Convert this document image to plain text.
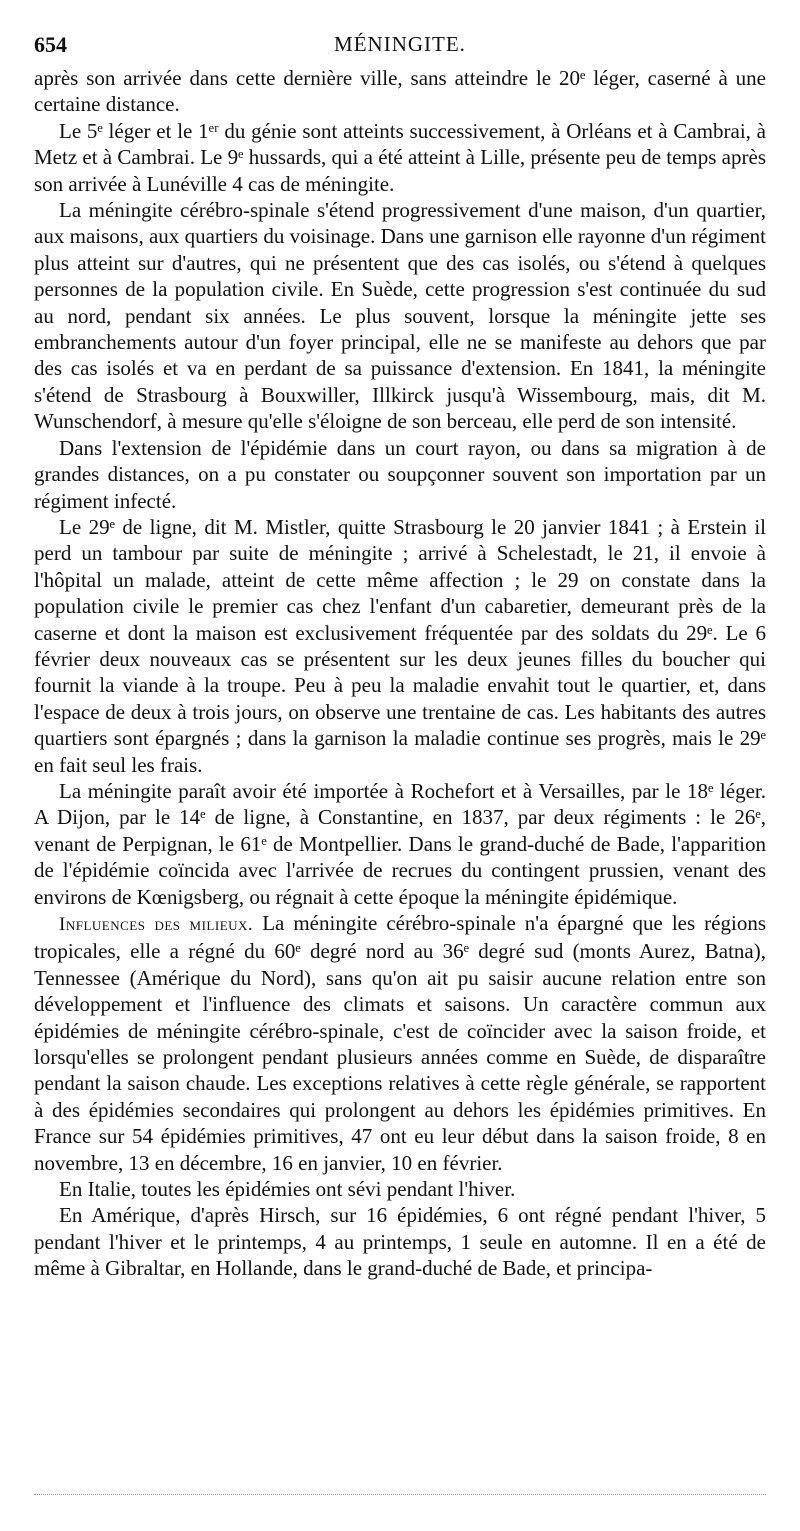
654	MÉNINGITE.

après son arrivée dans cette dernière ville, sans atteindre le 20ᵉ léger, caserné à une certaine distance.

Le 5ᵉ léger et le 1ᵉʳ du génie sont atteints successivement, à Orléans et à Cambrai, à Metz et à Cambrai. Le 9ᵉ hussards, qui a été atteint à Lille, présente peu de temps après son arrivée à Lunéville 4 cas de méningite.

La méningite cérébro-spinale s'étend progressivement d'une maison, d'un quartier, aux maisons, aux quartiers du voisinage. Dans une garnison elle rayonne d'un régiment plus atteint sur d'autres, qui ne présentent que des cas isolés, ou s'étend à quelques personnes de la population civile. En Suède, cette progression s'est continuée du sud au nord, pendant six années. Le plus souvent, lorsque la méningite jette ses embranchements autour d'un foyer principal, elle ne se manifeste au dehors que par des cas isolés et va en perdant de sa puissance d'extension. En 1841, la méningite s'étend de Strasbourg à Bouxwiller, Illkirck jusqu'à Wissembourg, mais, dit M. Wunschendorf, à mesure qu'elle s'éloigne de son berceau, elle perd de son intensité.

Dans l'extension de l'épidémie dans un court rayon, ou dans sa migration à de grandes distances, on a pu constater ou soupçonner souvent son importation par un régiment infecté.

Le 29ᵉ de ligne, dit M. Mistler, quitte Strasbourg le 20 janvier 1841 ; à Erstein il perd un tambour par suite de méningite ; arrivé à Schelestadt, le 21, il envoie à l'hôpital un malade, atteint de cette même affection ; le 29 on constate dans la population civile le premier cas chez l'enfant d'un cabaretier, demeurant près de la caserne et dont la maison est exclusivement fréquentée par des soldats du 29ᵉ. Le 6 février deux nouveaux cas se présentent sur les deux jeunes filles du boucher qui fournit la viande à la troupe. Peu à peu la maladie envahit tout le quartier, et, dans l'espace de deux à trois jours, on observe une trentaine de cas. Les habitants des autres quartiers sont épargnés ; dans la garnison la maladie continue ses progrès, mais le 29ᵉ en fait seul les frais.

La méningite paraît avoir été importée à Rochefort et à Versailles, par le 18ᵉ léger. A Dijon, par le 14ᵉ de ligne, à Constantine, en 1837, par deux régiments : le 26ᵉ, venant de Perpignan, le 61ᵉ de Montpellier. Dans le grand-duché de Bade, l'apparition de l'épidémie coïncida avec l'arrivée de recrues du contingent prussien, venant des environs de Kœnigsberg, ou régnait à cette époque la méningite épidémique.

Influences des milieux. La méningite cérébro-spinale n'a épargné que les régions tropicales, elle a régné du 60ᵉ degré nord au 36ᵉ degré sud (monts Aurez, Batna), Tennessee (Amérique du Nord), sans qu'on ait pu saisir aucune relation entre son développement et l'influence des climats et saisons. Un caractère commun aux épidémies de méningite cérébro-spinale, c'est de coïncider avec la saison froide, et lorsqu'elles se prolongent pendant plusieurs années comme en Suède, de disparaître pendant la saison chaude. Les exceptions relatives à cette règle générale, se rapportent à des épidémies secondaires qui prolongent au dehors les épidémies primitives. En France sur 54 épidémies primitives, 47 ont eu leur début dans la saison froide, 8 en novembre, 13 en décembre, 16 en janvier, 10 en février.

En Italie, toutes les épidémies ont sévi pendant l'hiver.

En Amérique, d'après Hirsch, sur 16 épidémies, 6 ont régné pendant l'hiver, 5 pendant l'hiver et le printemps, 4 au printemps, 1 seule en automne. Il en a été de même à Gibraltar, en Hollande, dans le grand-duché de Bade, et principa-
